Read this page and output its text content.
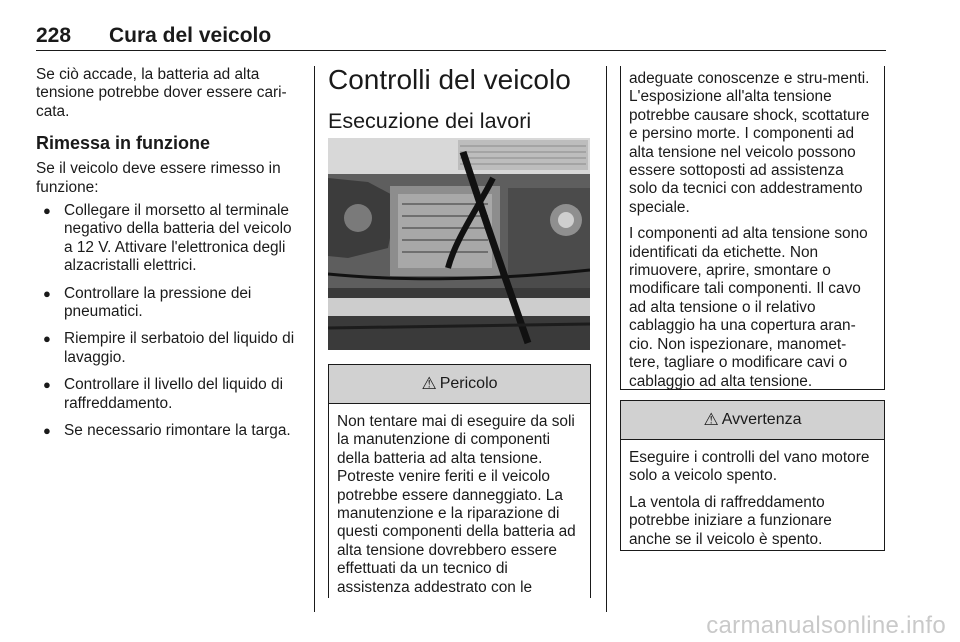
228 Cura del veicolo

Se ciò accade, la batteria ad alta tensione potrebbe dover essere cari-cata.

Rimessa in funzione

Se il veicolo deve essere rimesso in funzione:

● Collegare il morsetto al terminale negativo della batteria del veicolo a 12 V. Attivare l'elettronica degli alzacristalli elettrici.
● Controllare la pressione dei pneumatici.
● Riempire il serbatoio del liquido di lavaggio.
● Controllare il livello del liquido di raffreddamento.
● Se necessario rimontare la targa.
Controlli del veicolo
Esecuzione dei lavori
⚠ Pericolo

Non tentare mai di eseguire da soli la manutenzione di componenti della batteria ad alta tensione. Potreste venire feriti e il veicolo potrebbe essere danneggiato. La manutenzione e la riparazione di questi componenti della batteria ad alta tensione dovrebbero essere effettuati da un tecnico di assistenza addestrato con le

adeguate conoscenze e stru-menti. L'esposizione all'alta tensione potrebbe causare shock, scottature e persino morte. I componenti ad alta tensione nel veicolo possono essere sottoposti ad assistenza solo da tecnici con addestramento speciale.

I componenti ad alta tensione sono identificati da etichette. Non rimuovere, aprire, smontare o modificare tali componenti. Il cavo ad alta tensione o il relativo cablaggio ha una copertura aran-cio. Non ispezionare, manomet-tere, tagliare o modificare cavi o cablaggio ad alta tensione.

⚠ Avvertenza

Eseguire i controlli del vano motore solo a veicolo spento.

La ventola di raffreddamento potrebbe iniziare a funzionare anche se il veicolo è spento.

carmanualsonline.info
